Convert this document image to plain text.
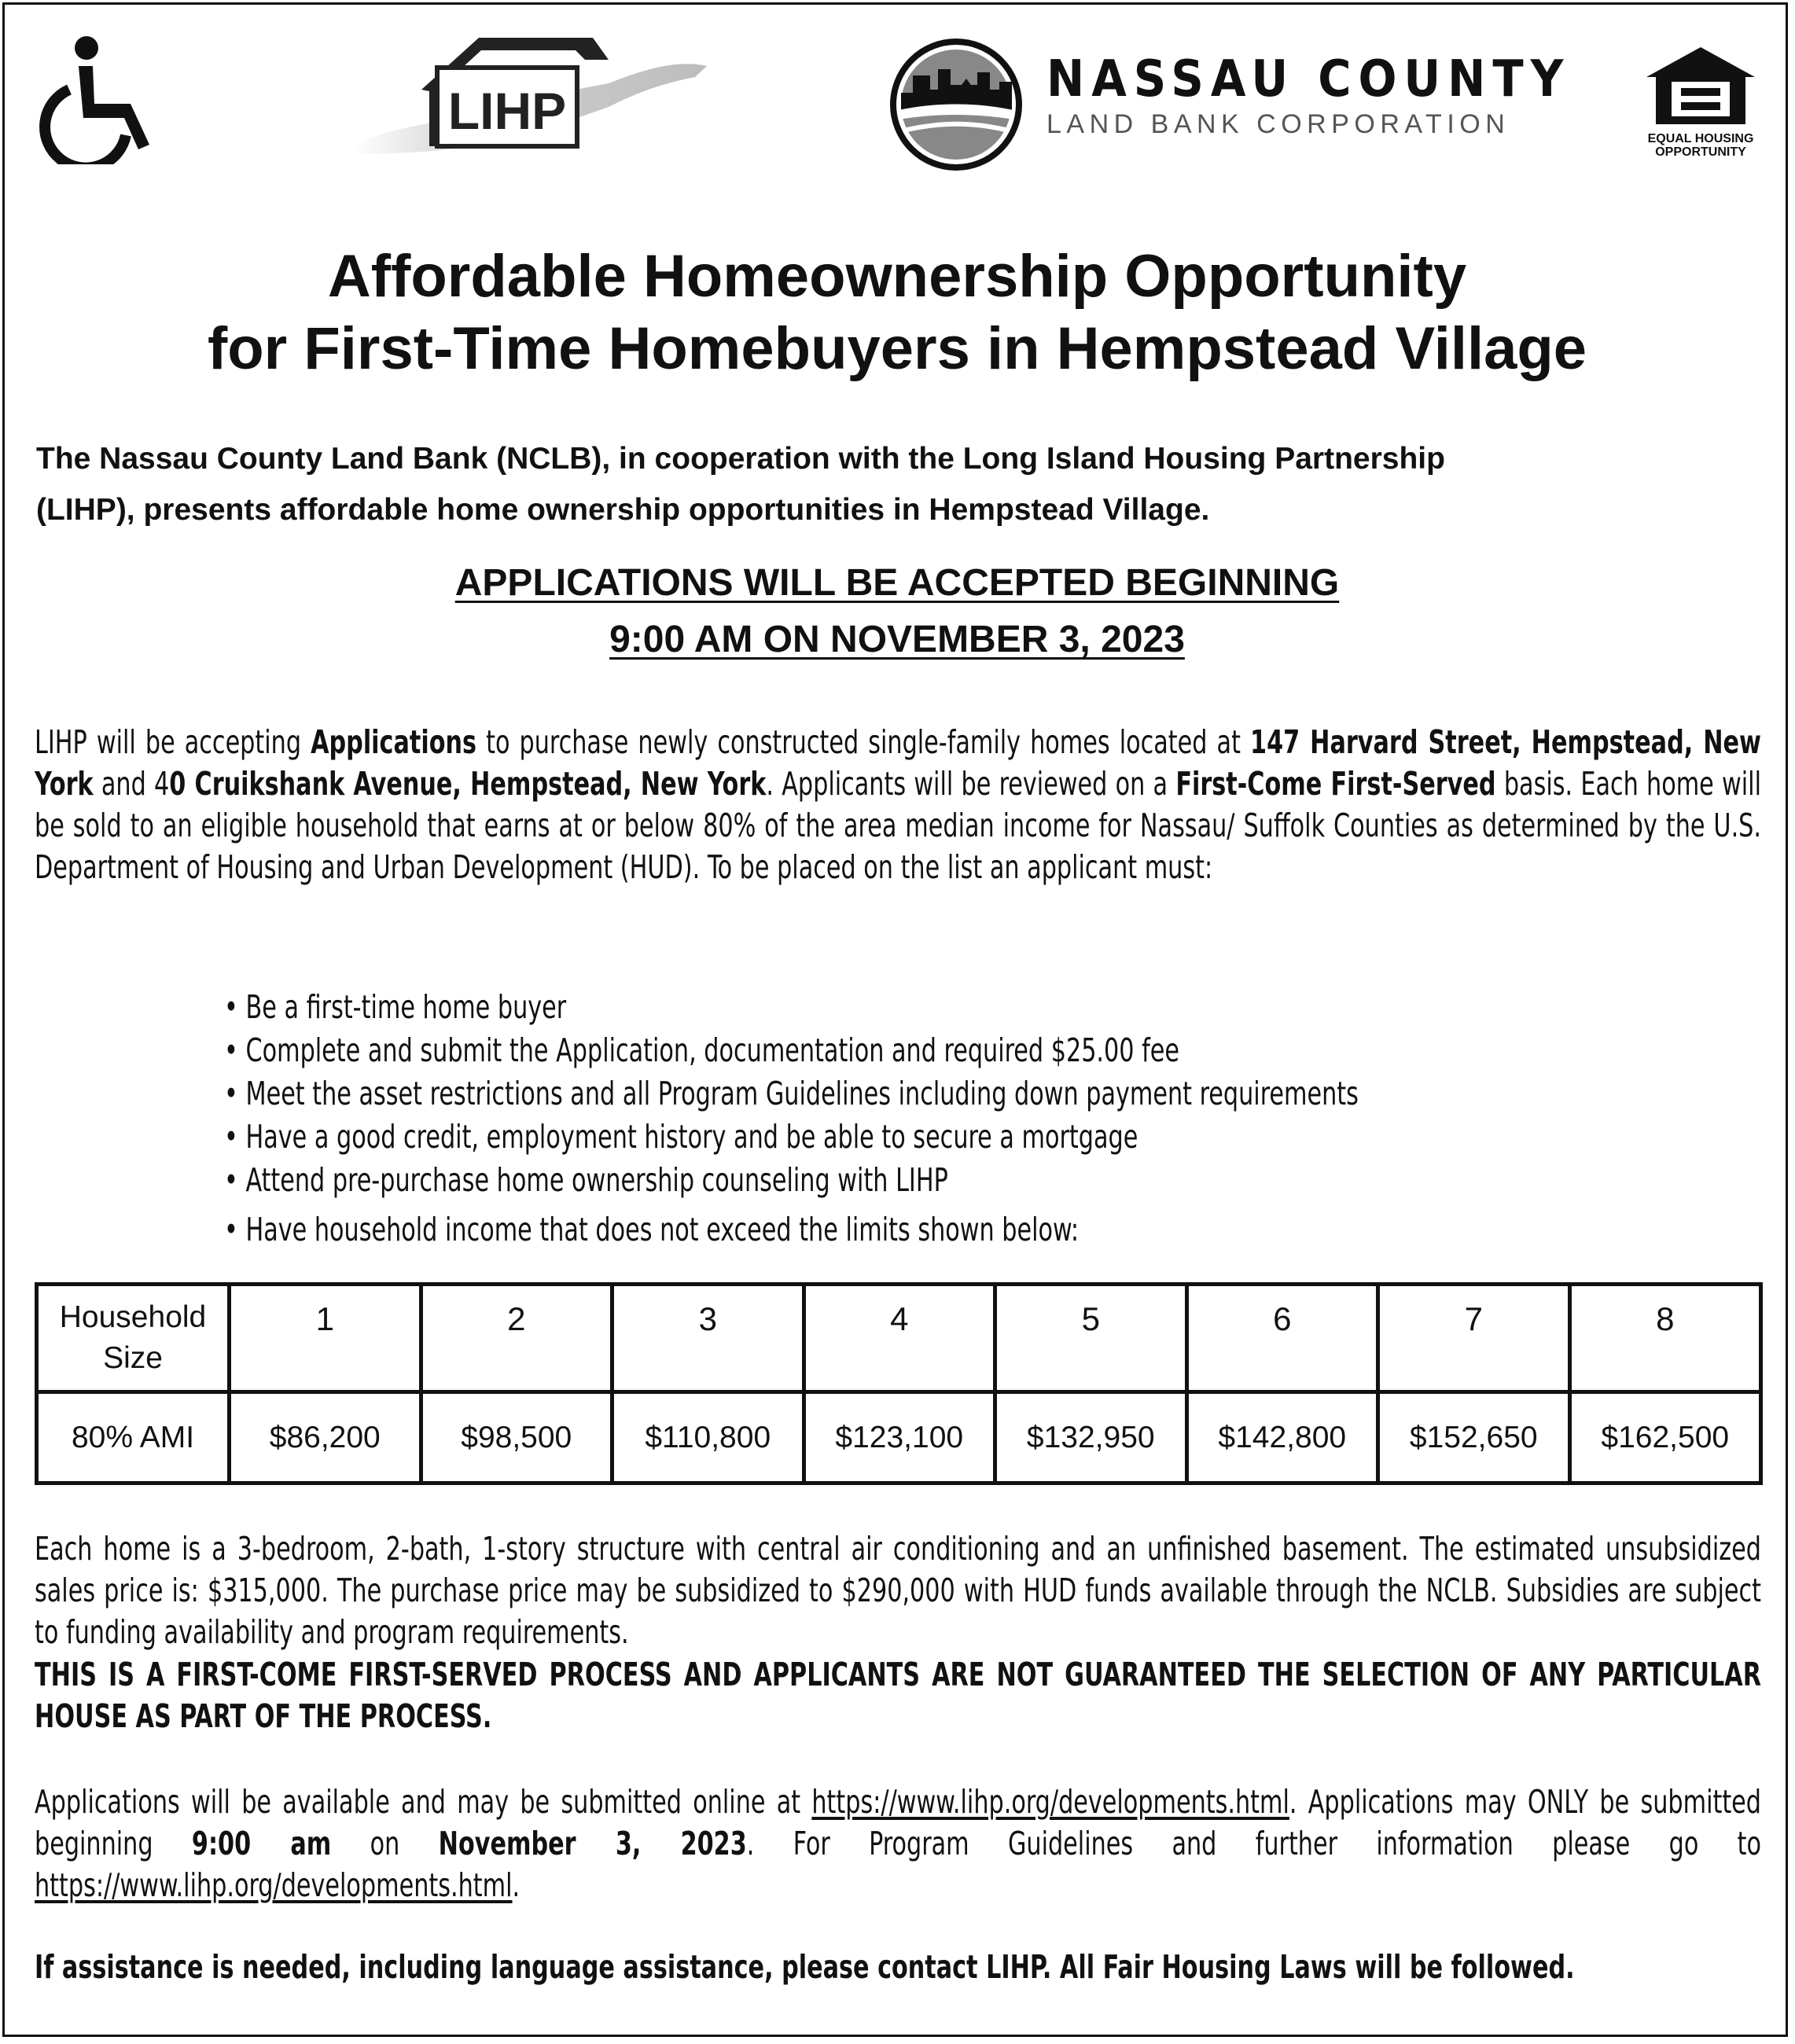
LIHP
NASSAU COUNTY
LAND BANK CORPORATION	EQUAL HOUSING
OPPORTUNITY
Affordable Homeownership Opportunity
for First-Time Homebuyers in Hempstead Village
The Nassau County Land Bank (NCLB), in cooperation with the Long Island Housing Partnership
(LIHP), presents affordable home ownership opportunities in Hempstead Village.
APPLICATIONS WILL BE ACCEPTED BEGINNING
9:00 AM ON NOVEMBER 3, 2023
LIHP will be accepting Applications to purchase newly constructed single-family homes located at 147 Harvard Street, Hempstead, New York and 40 Cruikshank Avenue, Hempstead, New York. Applicants will be reviewed on a First-Come First-Served basis. Each home will be sold to an eligible household that earns at or below 80% of the area median income for Nassau/ Suffolk Counties as determined by the U.S. Department of Housing and Urban Development (HUD). To be placed on the list an applicant must:
• Be a first-time home buyer
• Complete and submit the Application, documentation and required $25.00 fee
• Meet the asset restrictions and all Program Guidelines including down payment requirements
• Have a good credit, employment history and be able to secure a mortgage
• Attend pre-purchase home ownership counseling with LIHP
• Have household income that does not exceed the limits shown below:
Household Size	1	2	3	4	5	6	7	8
80% AMI	$86,200	$98,500	$110,800	$123,100	$132,950	$142,800	$152,650	$162,500
Each home is a 3-bedroom, 2-bath, 1-story structure with central air conditioning and an unfinished basement. The estimated unsubsidized sales price is: $315,000. The purchase price may be subsidized to $290,000 with HUD funds available through the NCLB. Subsidies are subject to funding availability and program requirements.
THIS IS A FIRST-COME FIRST-SERVED PROCESS AND APPLICANTS ARE NOT GUARANTEED THE SELECTION OF ANY PARTICULAR HOUSE AS PART OF THE PROCESS.
Applications will be available and may be submitted online at https://www.lihp.org/developments.html. Applications may ONLY be submitted beginning 9:00 am on November 3, 2023. For Program Guidelines and further information please go to https://www.lihp.org/developments.html.
If assistance is needed, including language assistance, please contact LIHP. All Fair Housing Laws will be followed.
